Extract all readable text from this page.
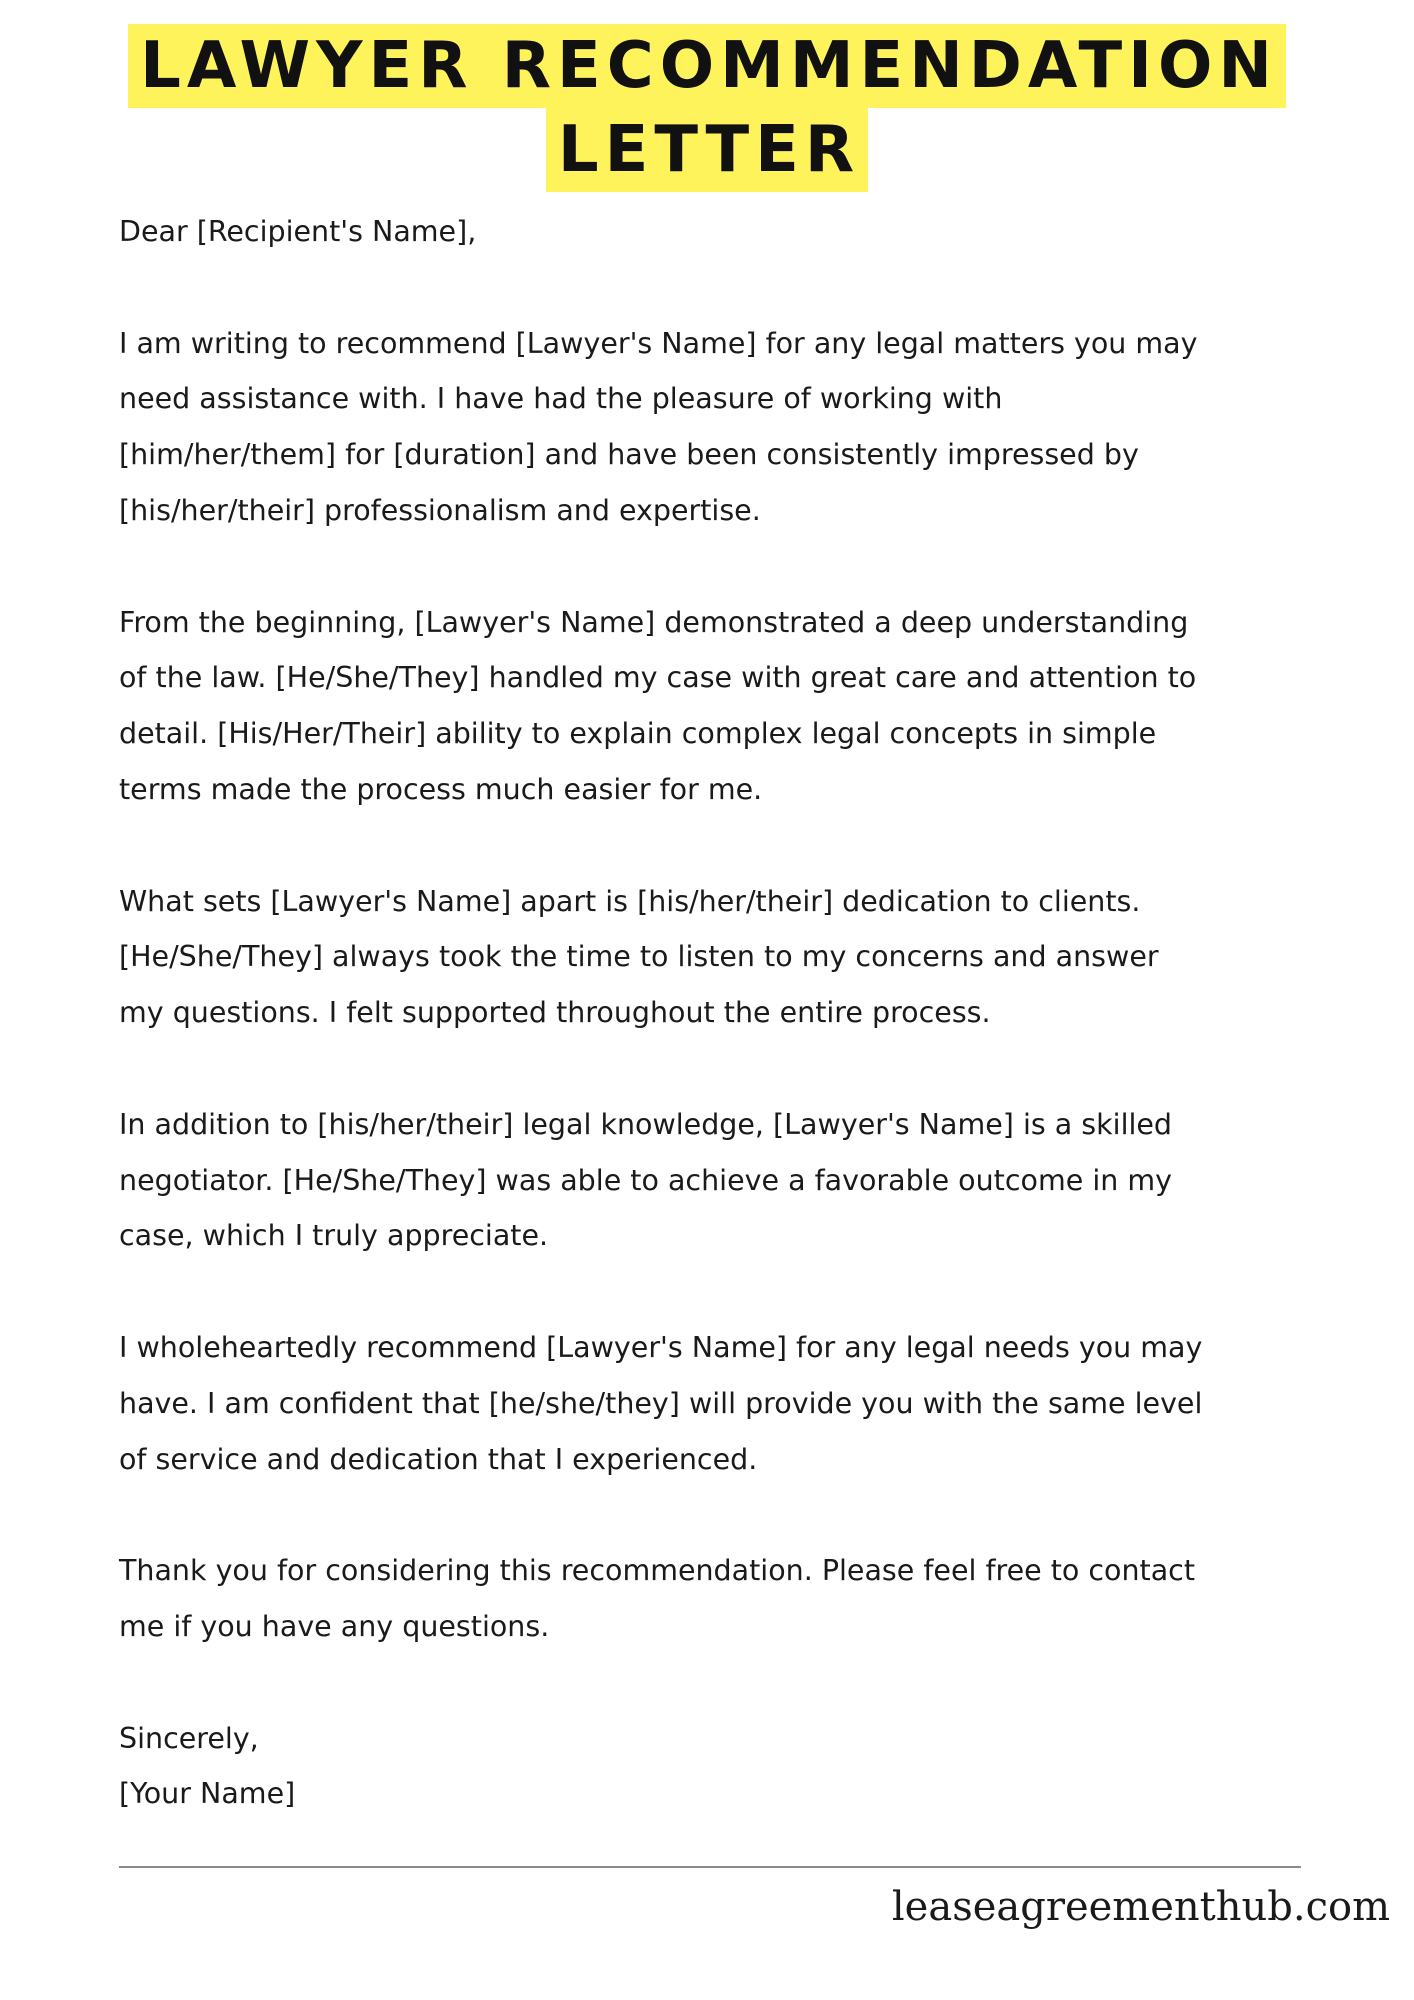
LAWYER RECOMMENDATION
LETTER
Dear [Recipient's Name],
I am writing to recommend [Lawyer's Name] for any legal matters you may
need assistance with. I have had the pleasure of working with
[him/her/them] for [duration] and have been consistently impressed by
[his/her/their] professionalism and expertise.
From the beginning, [Lawyer's Name] demonstrated a deep understanding
of the law. [He/She/They] handled my case with great care and attention to
detail. [His/Her/Their] ability to explain complex legal concepts in simple
terms made the process much easier for me.
What sets [Lawyer's Name] apart is [his/her/their] dedication to clients.
[He/She/They] always took the time to listen to my concerns and answer
my questions. I felt supported throughout the entire process.
In addition to [his/her/their] legal knowledge, [Lawyer's Name] is a skilled
negotiator. [He/She/They] was able to achieve a favorable outcome in my
case, which I truly appreciate.
I wholeheartedly recommend [Lawyer's Name] for any legal needs you may
have. I am confident that [he/she/they] will provide you with the same level
of service and dedication that I experienced.
Thank you for considering this recommendation. Please feel free to contact
me if you have any questions.
Sincerely,
[Your Name]
leaseagreementhub.com
